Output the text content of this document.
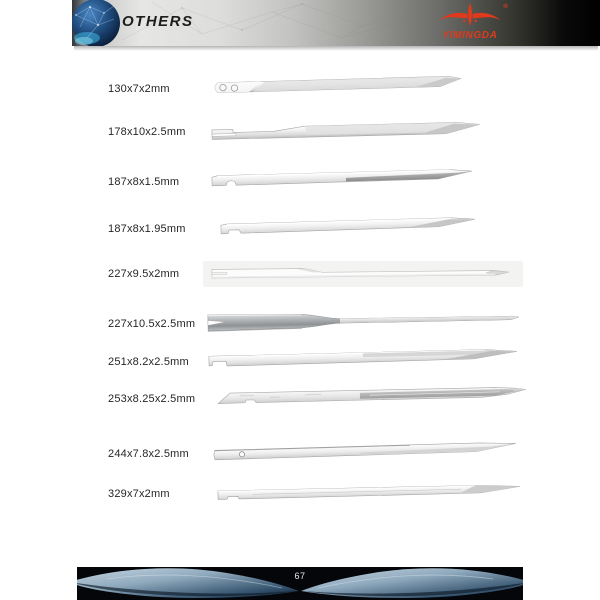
OTHERS
®
YIMINGDA
130x7x2mm
178x10x2.5mm
187x8x1.5mm
187x8x1.95mm
227x9.5x2mm
227x10.5x2.5mm
251x8.2x2.5mm
253x8.25x2.5mm
244x7.8x2.5mm
329x7x2mm
67
